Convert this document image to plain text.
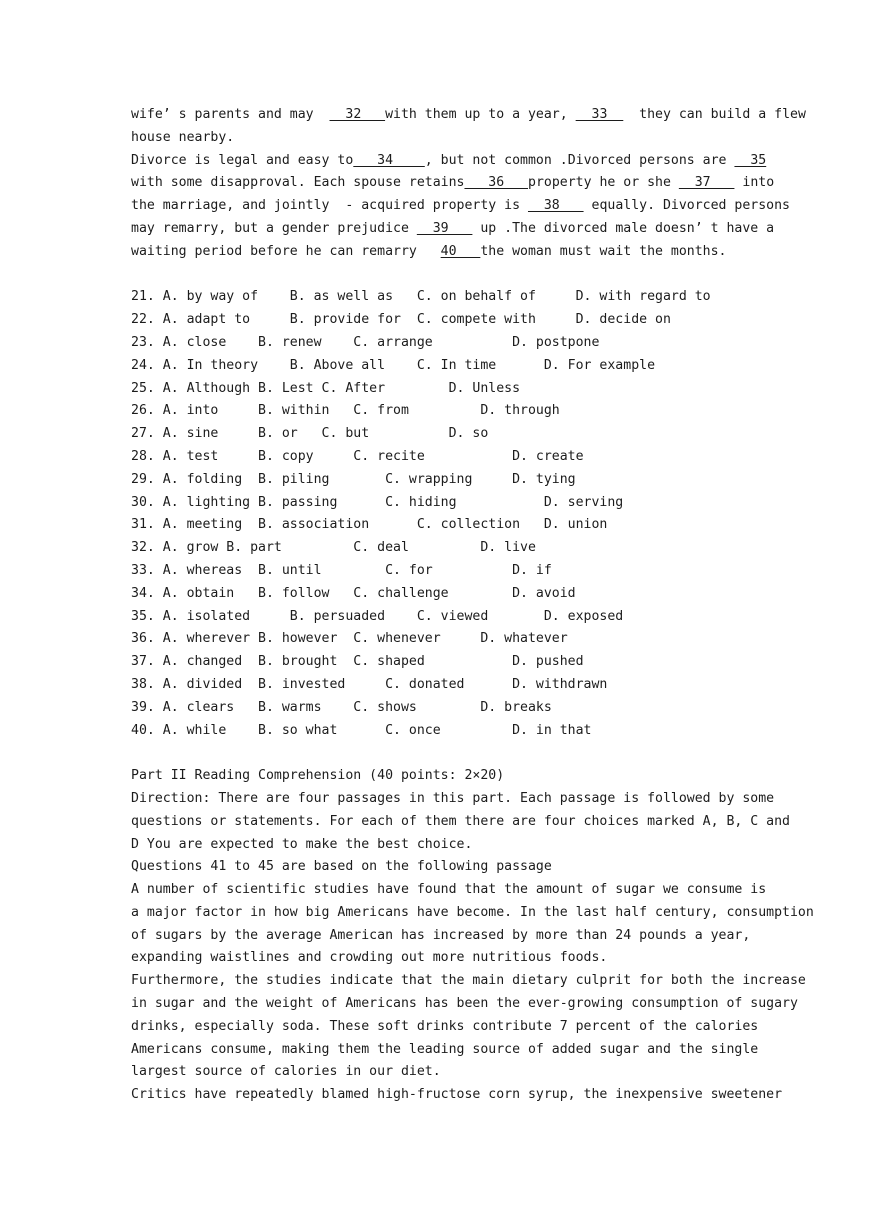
wife’ s parents and may    32   with them up to a year,   33    they can build a flew
house nearby.
Divorce is legal and easy to   34    , but not common .Divorced persons are   35
with some disapproval. Each spouse retains   36   property he or she   37    into
the marriage, and jointly  - acquired property is   38    equally. Divorced persons
may remarry, but a gender prejudice   39    up .The divorced male doesn’ t have a
waiting period before he can remarry   40   the woman must wait the months.
21. A. by way of    B. as well as   C. on behalf of     D. with regard to
22. A. adapt to     B. provide for  C. compete with     D. decide on
23. A. close    B. renew    C. arrange          D. postpone
24. A. In theory    B. Above all    C. In time      D. For example
25. A. Although B. Lest C. After        D. Unless
26. A. into     B. within   C. from         D. through
27. A. sine     B. or   C. but          D. so
28. A. test     B. copy     C. recite           D. create
29. A. folding  B. piling       C. wrapping     D. tying
30. A. lighting B. passing      C. hiding           D. serving
31. A. meeting  B. association      C. collection   D. union
32. A. grow B. part         C. deal         D. live
33. A. whereas  B. until        C. for          D. if
34. A. obtain   B. follow   C. challenge        D. avoid
35. A. isolated     B. persuaded    C. viewed       D. exposed
36. A. wherever B. however  C. whenever     D. whatever
37. A. changed  B. brought  C. shaped           D. pushed
38. A. divided  B. invested     C. donated      D. withdrawn
39. A. clears   B. warms    C. shows        D. breaks
40. A. while    B. so what      C. once         D. in that
Part II Reading Comprehension (40 points: 2×20)
Direction: There are four passages in this part. Each passage is followed by some
questions or statements. For each of them there are four choices marked A, B, C and
D You are expected to make the best choice.
Questions 41 to 45 are based on the following passage
A number of scientific studies have found that the amount of sugar we consume is
a major factor in how big Americans have become. In the last half century, consumption
of sugars by the average American has increased by more than 24 pounds a year,
expanding waistlines and crowding out more nutritious foods.
Furthermore, the studies indicate that the main dietary culprit for both the increase
in sugar and the weight of Americans has been the ever-growing consumption of sugary
drinks, especially soda. These soft drinks contribute 7 percent of the calories
Americans consume, making them the leading source of added sugar and the single
largest source of calories in our diet.
Critics have repeatedly blamed high-fructose corn syrup, the inexpensive sweetener
